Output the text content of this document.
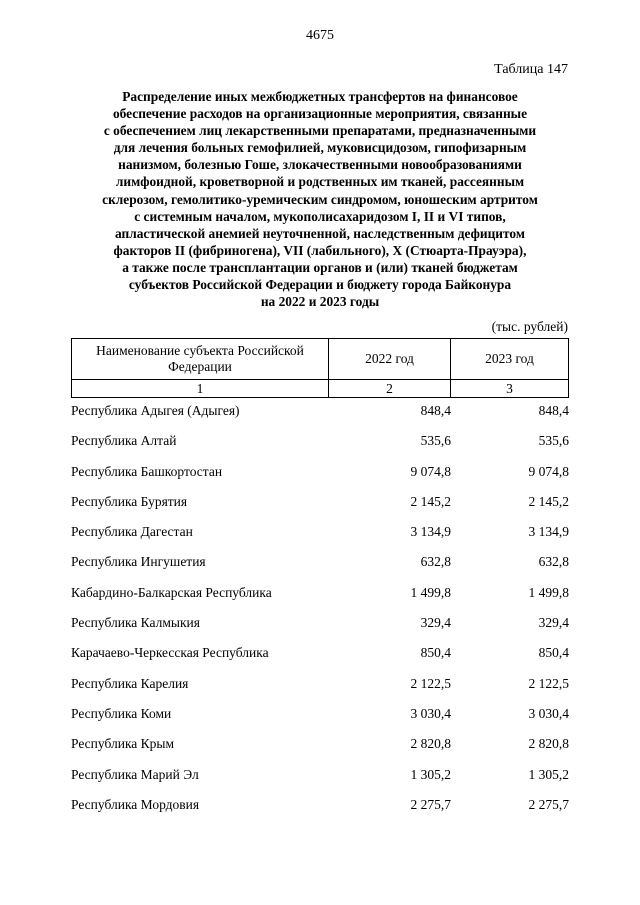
4675
Таблица 147
Распределение иных межбюджетных трансфертов на финансовое
обеспечение расходов на организационные мероприятия, связанные
с обеспечением лиц лекарственными препаратами, предназначенными
для лечения больных гемофилией, муковисцидозом, гипофизарным
нанизмом, болезнью Гоше, злокачественными новообразованиями
лимфоидной, кроветворной и родственных им тканей, рассеянным
склерозом, гемолитико-уремическим синдромом, юношеским артритом
с системным началом, мукополисахаридозом I, II и VI типов,
апластической анемией неуточненной, наследственным дефицитом
факторов II (фибриногена), VII (лабильного), X (Стюарта-Прауэра),
а также после трансплантации органов и (или) тканей бюджетам
субъектов Российской Федерации и бюджету города Байконура
на 2022 и 2023 годы
(тыс. рублей)
Наименование субъекта Российской
Федерации	2022 год	2023 год
1	2	3
Республика Адыгея (Адыгея)	848,4	848,4
Республика Алтай	535,6	535,6
Республика Башкортостан	9 074,8	9 074,8
Республика Бурятия	2 145,2	2 145,2
Республика Дагестан	3 134,9	3 134,9
Республика Ингушетия	632,8	632,8
Кабардино-Балкарская Республика	1 499,8	1 499,8
Республика Калмыкия	329,4	329,4
Карачаево-Черкесская Республика	850,4	850,4
Республика Карелия	2 122,5	2 122,5
Республика Коми	3 030,4	3 030,4
Республика Крым	2 820,8	2 820,8
Республика Марий Эл	1 305,2	1 305,2
Республика Мордовия	2 275,7	2 275,7
